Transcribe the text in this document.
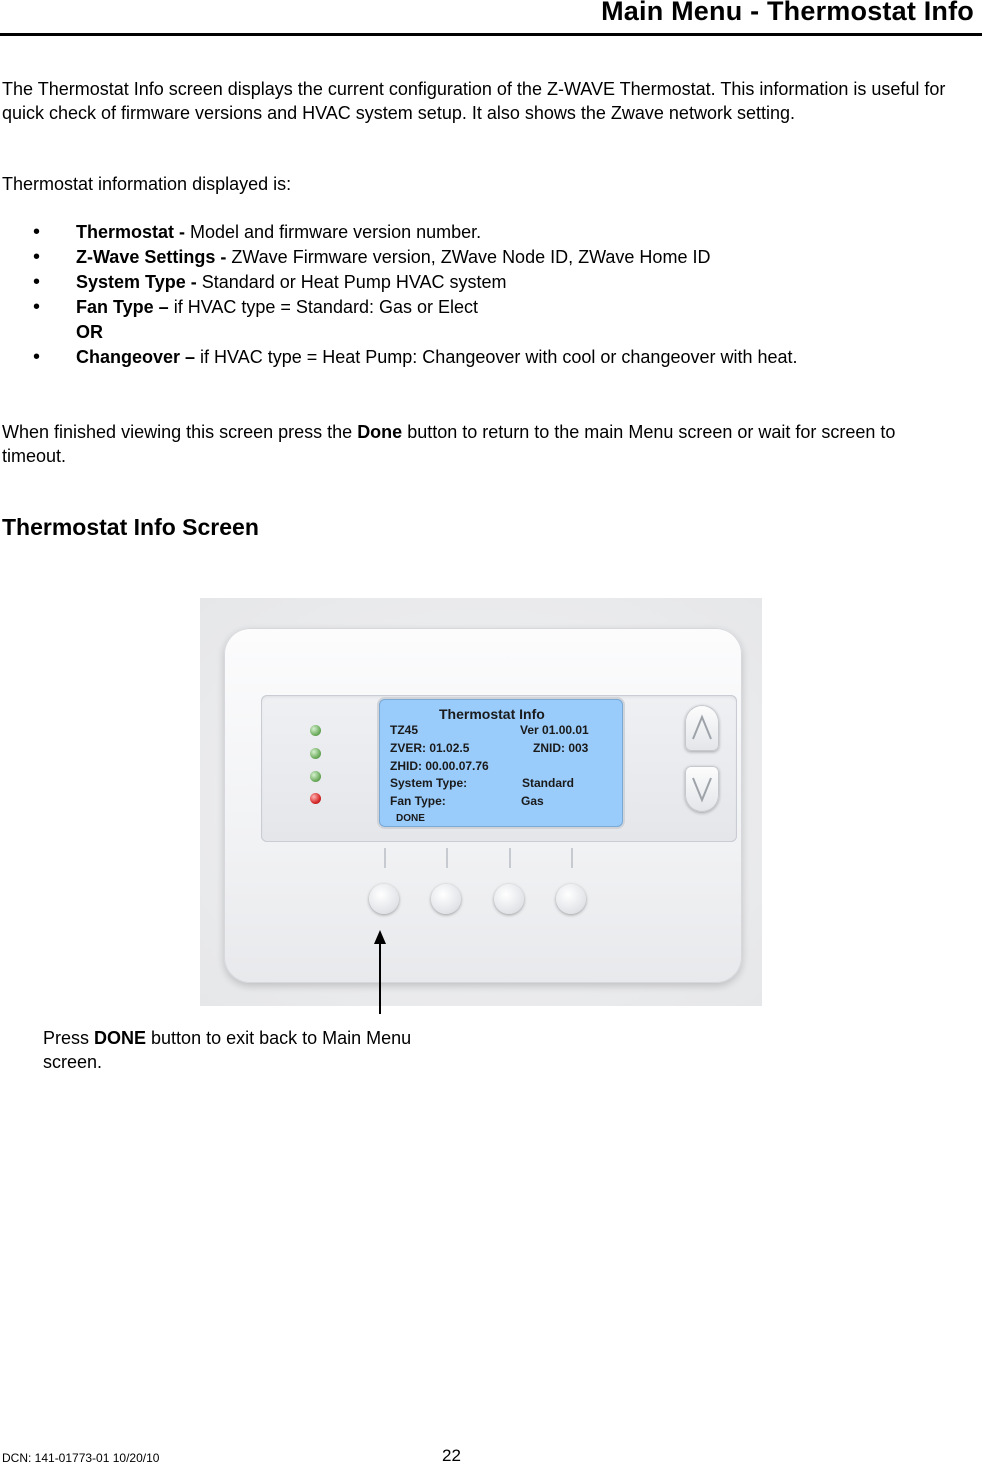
Main Menu - Thermostat Info
The Thermostat Info screen displays the current configuration of the Z-WAVE Thermostat. This information is useful for quick check of firmware versions and HVAC system setup. It also shows the Zwave network setting.
Thermostat information displayed is:
• Thermostat - Model and firmware version number.
• Z-Wave Settings - ZWave Firmware version, ZWave Node ID, ZWave Home ID
• System Type - Standard or Heat Pump HVAC system
• Fan Type – if HVAC type = Standard: Gas or Elect
OR
• Changeover – if HVAC type = Heat Pump: Changeover with cool or changeover with heat.
When finished viewing this screen press the Done button to return to the main Menu screen or wait for screen to timeout.
Thermostat Info Screen
Thermostat Info
TZ45	Ver 01.00.01
ZVER: 01.02.5	ZNID: 003
ZHID: 00.00.07.76
System Type:	Standard
Fan Type:	Gas
DONE
Press DONE button to exit back to Main Menu screen.
DCN: 141-01773-01 10/20/10	22
